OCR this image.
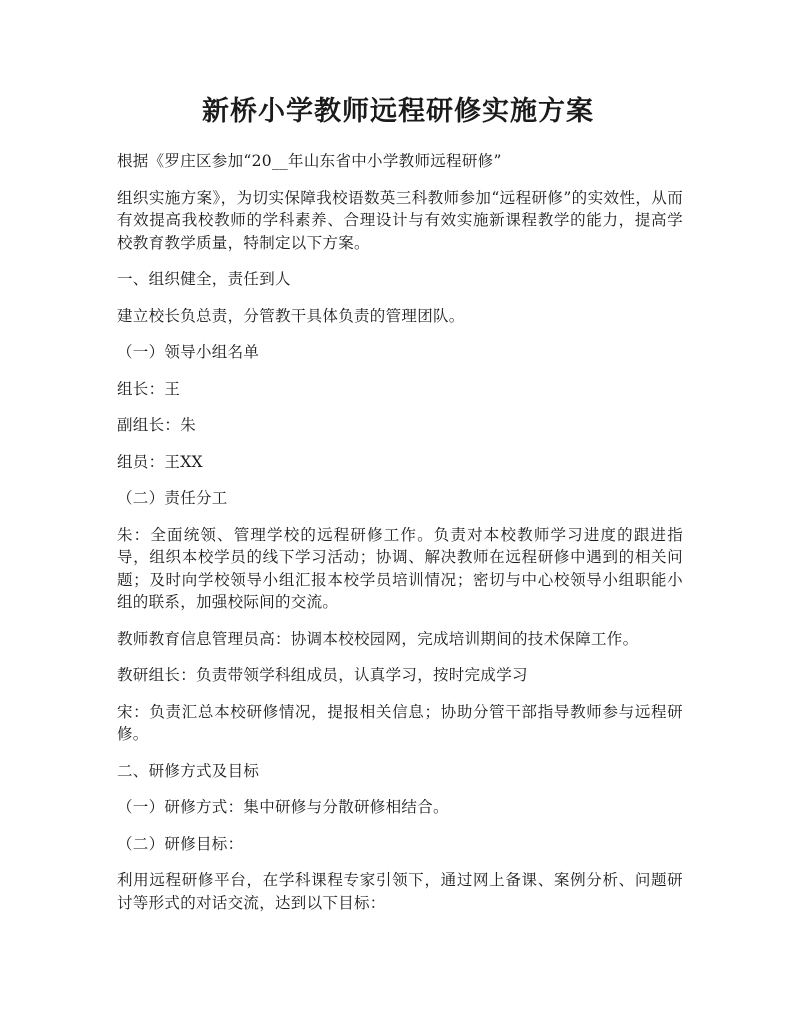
新桥小学教师远程研修实施方案

根据《罗庄区参加“20__年山东省中小学教师远程研修”

组织实施方案》，为切实保障我校语数英三科教师参加“远程研修”的实效性，从而有效提高我校教师的学科素养、合理设计与有效实施新课程教学的能力，提高学校教育教学质量，特制定以下方案。

一、组织健全，责任到人

建立校长负总责，分管教干具体负责的管理团队。

（一）领导小组名单

组长：王

副组长：朱

组员：王XX

（二）责任分工

朱：全面统领、管理学校的远程研修工作。负责对本校教师学习进度的跟进指导，组织本校学员的线下学习活动；协调、解决教师在远程研修中遇到的相关问题；及时向学校领导小组汇报本校学员培训情况；密切与中心校领导小组职能小组的联系，加强校际间的交流。

教师教育信息管理员高：协调本校校园网，完成培训期间的技术保障工作。

教研组长：负责带领学科组成员，认真学习，按时完成学习

宋：负责汇总本校研修情况，提报相关信息；协助分管干部指导教师参与远程研修。

二、研修方式及目标

（一）研修方式：集中研修与分散研修相结合。

（二）研修目标：

利用远程研修平台，在学科课程专家引领下，通过网上备课、案例分析、问题研讨等形式的对话交流，达到以下目标：
